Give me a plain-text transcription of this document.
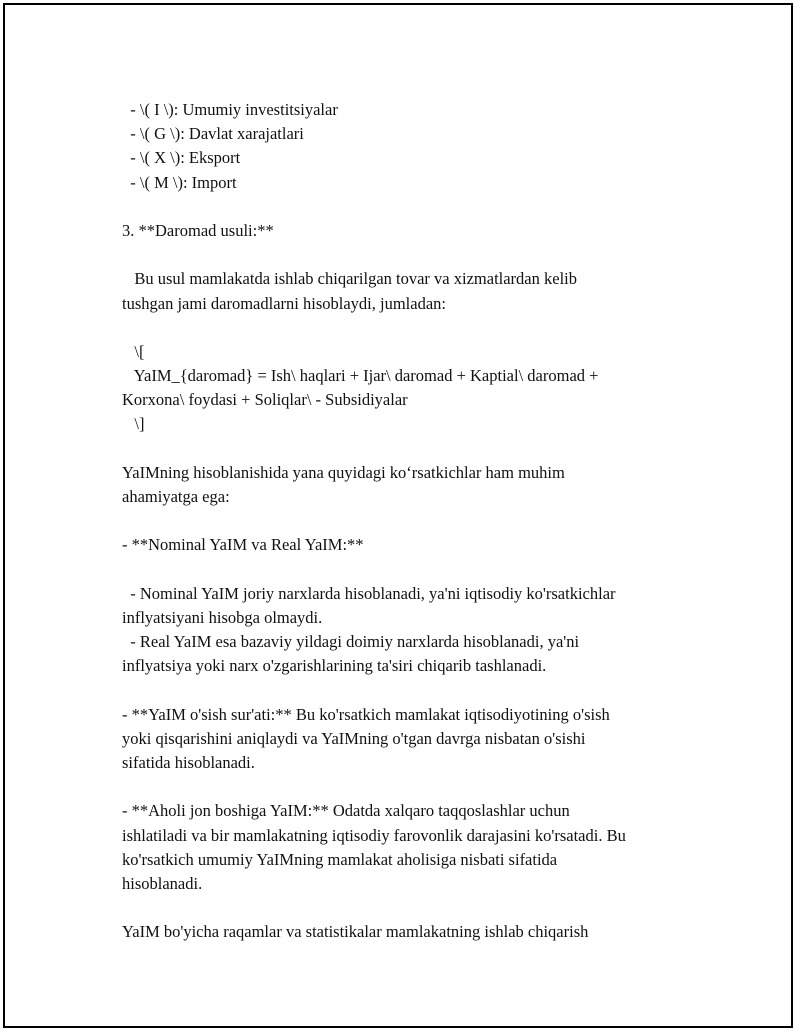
- \( I \): Umumiy investitsiyalar
- \( G \): Davlat xarajatlari
- \( X \): Eksport
- \( M \): Import
3. **Daromad usuli:**
Bu usul mamlakatda ishlab chiqarilgan tovar va xizmatlardan kelib
tushgan jami daromadlarni hisoblaydi, jumladan:
\[
YaIM_{daromad} = Ish\ haqlari + Ijar\ daromad + Kaptial\ daromad +
Korxona\ foydasi + Soliqlar\ - Subsidiyalar
\]
YaIMning hisoblanishida yana quyidagi ko‘rsatkichlar ham muhim
ahamiyatga ega:
- **Nominal YaIM va Real YaIM:**
- Nominal YaIM joriy narxlarda hisoblanadi, ya'ni iqtisodiy ko'rsatkichlar
inflyatsiyani hisobga olmaydi.
- Real YaIM esa bazaviy yildagi doimiy narxlarda hisoblanadi, ya'ni
inflyatsiya yoki narx o'zgarishlarining ta'siri chiqarib tashlanadi.
- **YaIM o'sish sur'ati:** Bu ko'rsatkich mamlakat iqtisodiyotining o'sish
yoki qisqarishini aniqlaydi va YaIMning o'tgan davrga nisbatan o'sishi
sifatida hisoblanadi.
- **Aholi jon boshiga YaIM:** Odatda xalqaro taqqoslashlar uchun
ishlatiladi va bir mamlakatning iqtisodiy farovonlik darajasini ko'rsatadi. Bu
ko'rsatkich umumiy YaIMning mamlakat aholisiga nisbati sifatida
hisoblanadi.
YaIM bo'yicha raqamlar va statistikalar mamlakatning ishlab chiqarish
